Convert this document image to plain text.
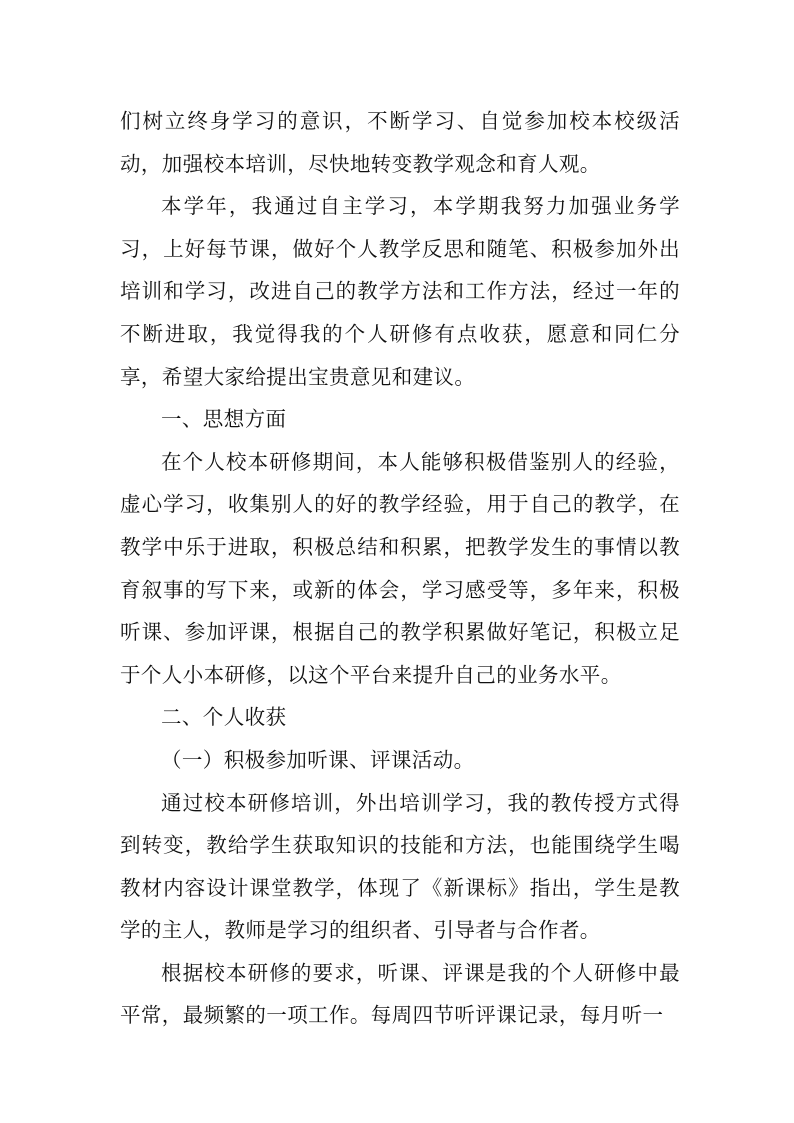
们树立终身学习的意识，不断学习、自觉参加校本校级活动，加强校本培训，尽快地转变教学观念和育人观。

本学年，我通过自主学习，本学期我努力加强业务学习，上好每节课，做好个人教学反思和随笔、积极参加外出培训和学习，改进自己的教学方法和工作方法，经过一年的不断进取，我觉得我的个人研修有点收获，愿意和同仁分享，希望大家给提出宝贵意见和建议。

一、思想方面

在个人校本研修期间，本人能够积极借鉴别人的经验，虚心学习，收集别人的好的教学经验，用于自己的教学，在教学中乐于进取，积极总结和积累，把教学发生的事情以教育叙事的写下来，或新的体会，学习感受等，多年来，积极听课、参加评课，根据自己的教学积累做好笔记，积极立足于个人小本研修，以这个平台来提升自己的业务水平。

二、个人收获

（一）积极参加听课、评课活动。

通过校本研修培训，外出培训学习，我的教传授方式得到转变，教给学生获取知识的技能和方法，也能围绕学生喝教材内容设计课堂教学，体现了《新课标》指出，学生是教学的主人，教师是学习的组织者、引导者与合作者。

根据校本研修的要求，听课、评课是我的个人研修中最平常，最频繁的一项工作。每周四节听评课记录，每月听一
